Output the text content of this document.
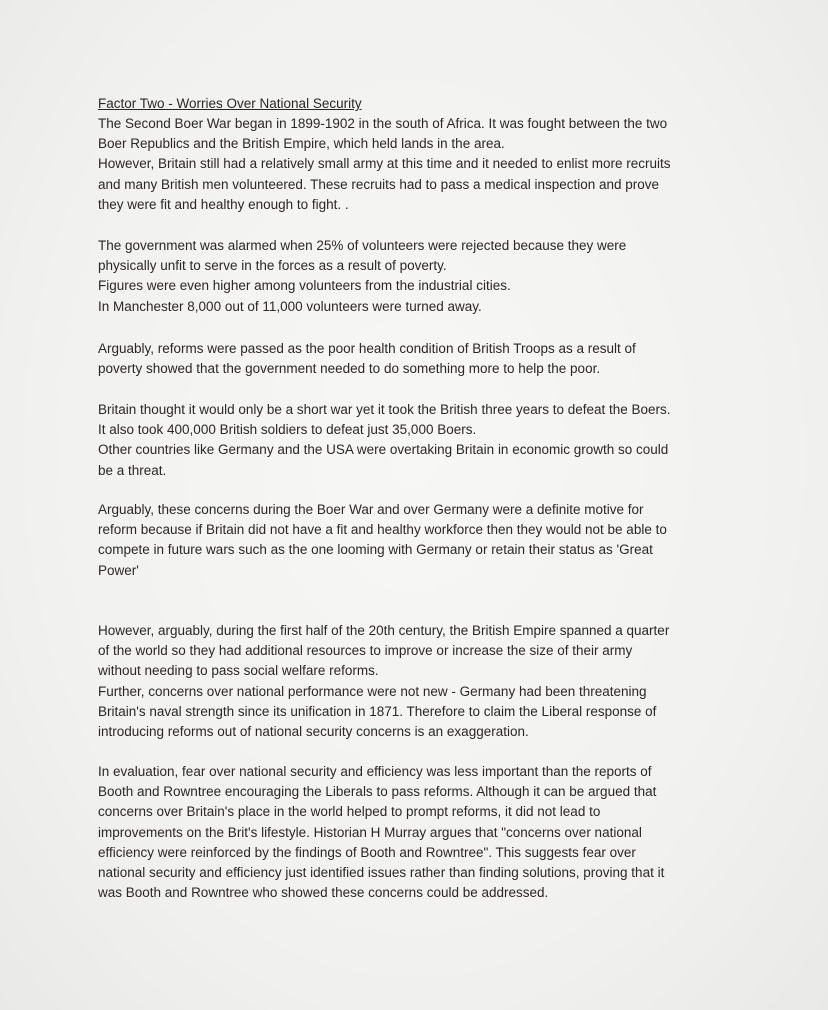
Factor Two - Worries Over National Security
The Second Boer War began in 1899-1902 in the south of Africa. It was fought between the two
Boer Republics and the British Empire, which held lands in the area.
However, Britain still had a relatively small army at this time and it needed to enlist more recruits
and many British men volunteered. These recruits had to pass a medical inspection and prove
they were fit and healthy enough to fight. .
The government was alarmed when 25% of volunteers were rejected because they were
physically unfit to serve in the forces as a result of poverty.
Figures were even higher among volunteers from the industrial cities.
In Manchester 8,000 out of 11,000 volunteers were turned away.
Arguably, reforms were passed as the poor health condition of British Troops as a result of
poverty showed that the government needed to do something more to help the poor.
Britain thought it would only be a short war yet it took the British three years to defeat the Boers.
It also took 400,000 British soldiers to defeat just 35,000 Boers.
Other countries like Germany and the USA were overtaking Britain in economic growth so could
be a threat.
Arguably, these concerns during the Boer War and over Germany were a definite motive for
reform because if Britain did not have a fit and healthy workforce then they would not be able to
compete in future wars such as the one looming with Germany or retain their status as 'Great
Power'
However, arguably, during the first half of the 20th century, the British Empire spanned a quarter
of the world so they had additional resources to improve or increase the size of their army
without needing to pass social welfare reforms.
Further, concerns over national performance were not new - Germany had been threatening
Britain's naval strength since its unification in 1871. Therefore to claim the Liberal response of
introducing reforms out of national security concerns is an exaggeration.
In evaluation, fear over national security and efficiency was less important than the reports of
Booth and Rowntree encouraging the Liberals to pass reforms. Although it can be argued that
concerns over Britain's place in the world helped to prompt reforms, it did not lead to
improvements on the Brit's lifestyle. Historian H Murray argues that "concerns over national
efficiency were reinforced by the findings of Booth and Rowntree". This suggests fear over
national security and efficiency just identified issues rather than finding solutions, proving that it
was Booth and Rowntree who showed these concerns could be addressed.
